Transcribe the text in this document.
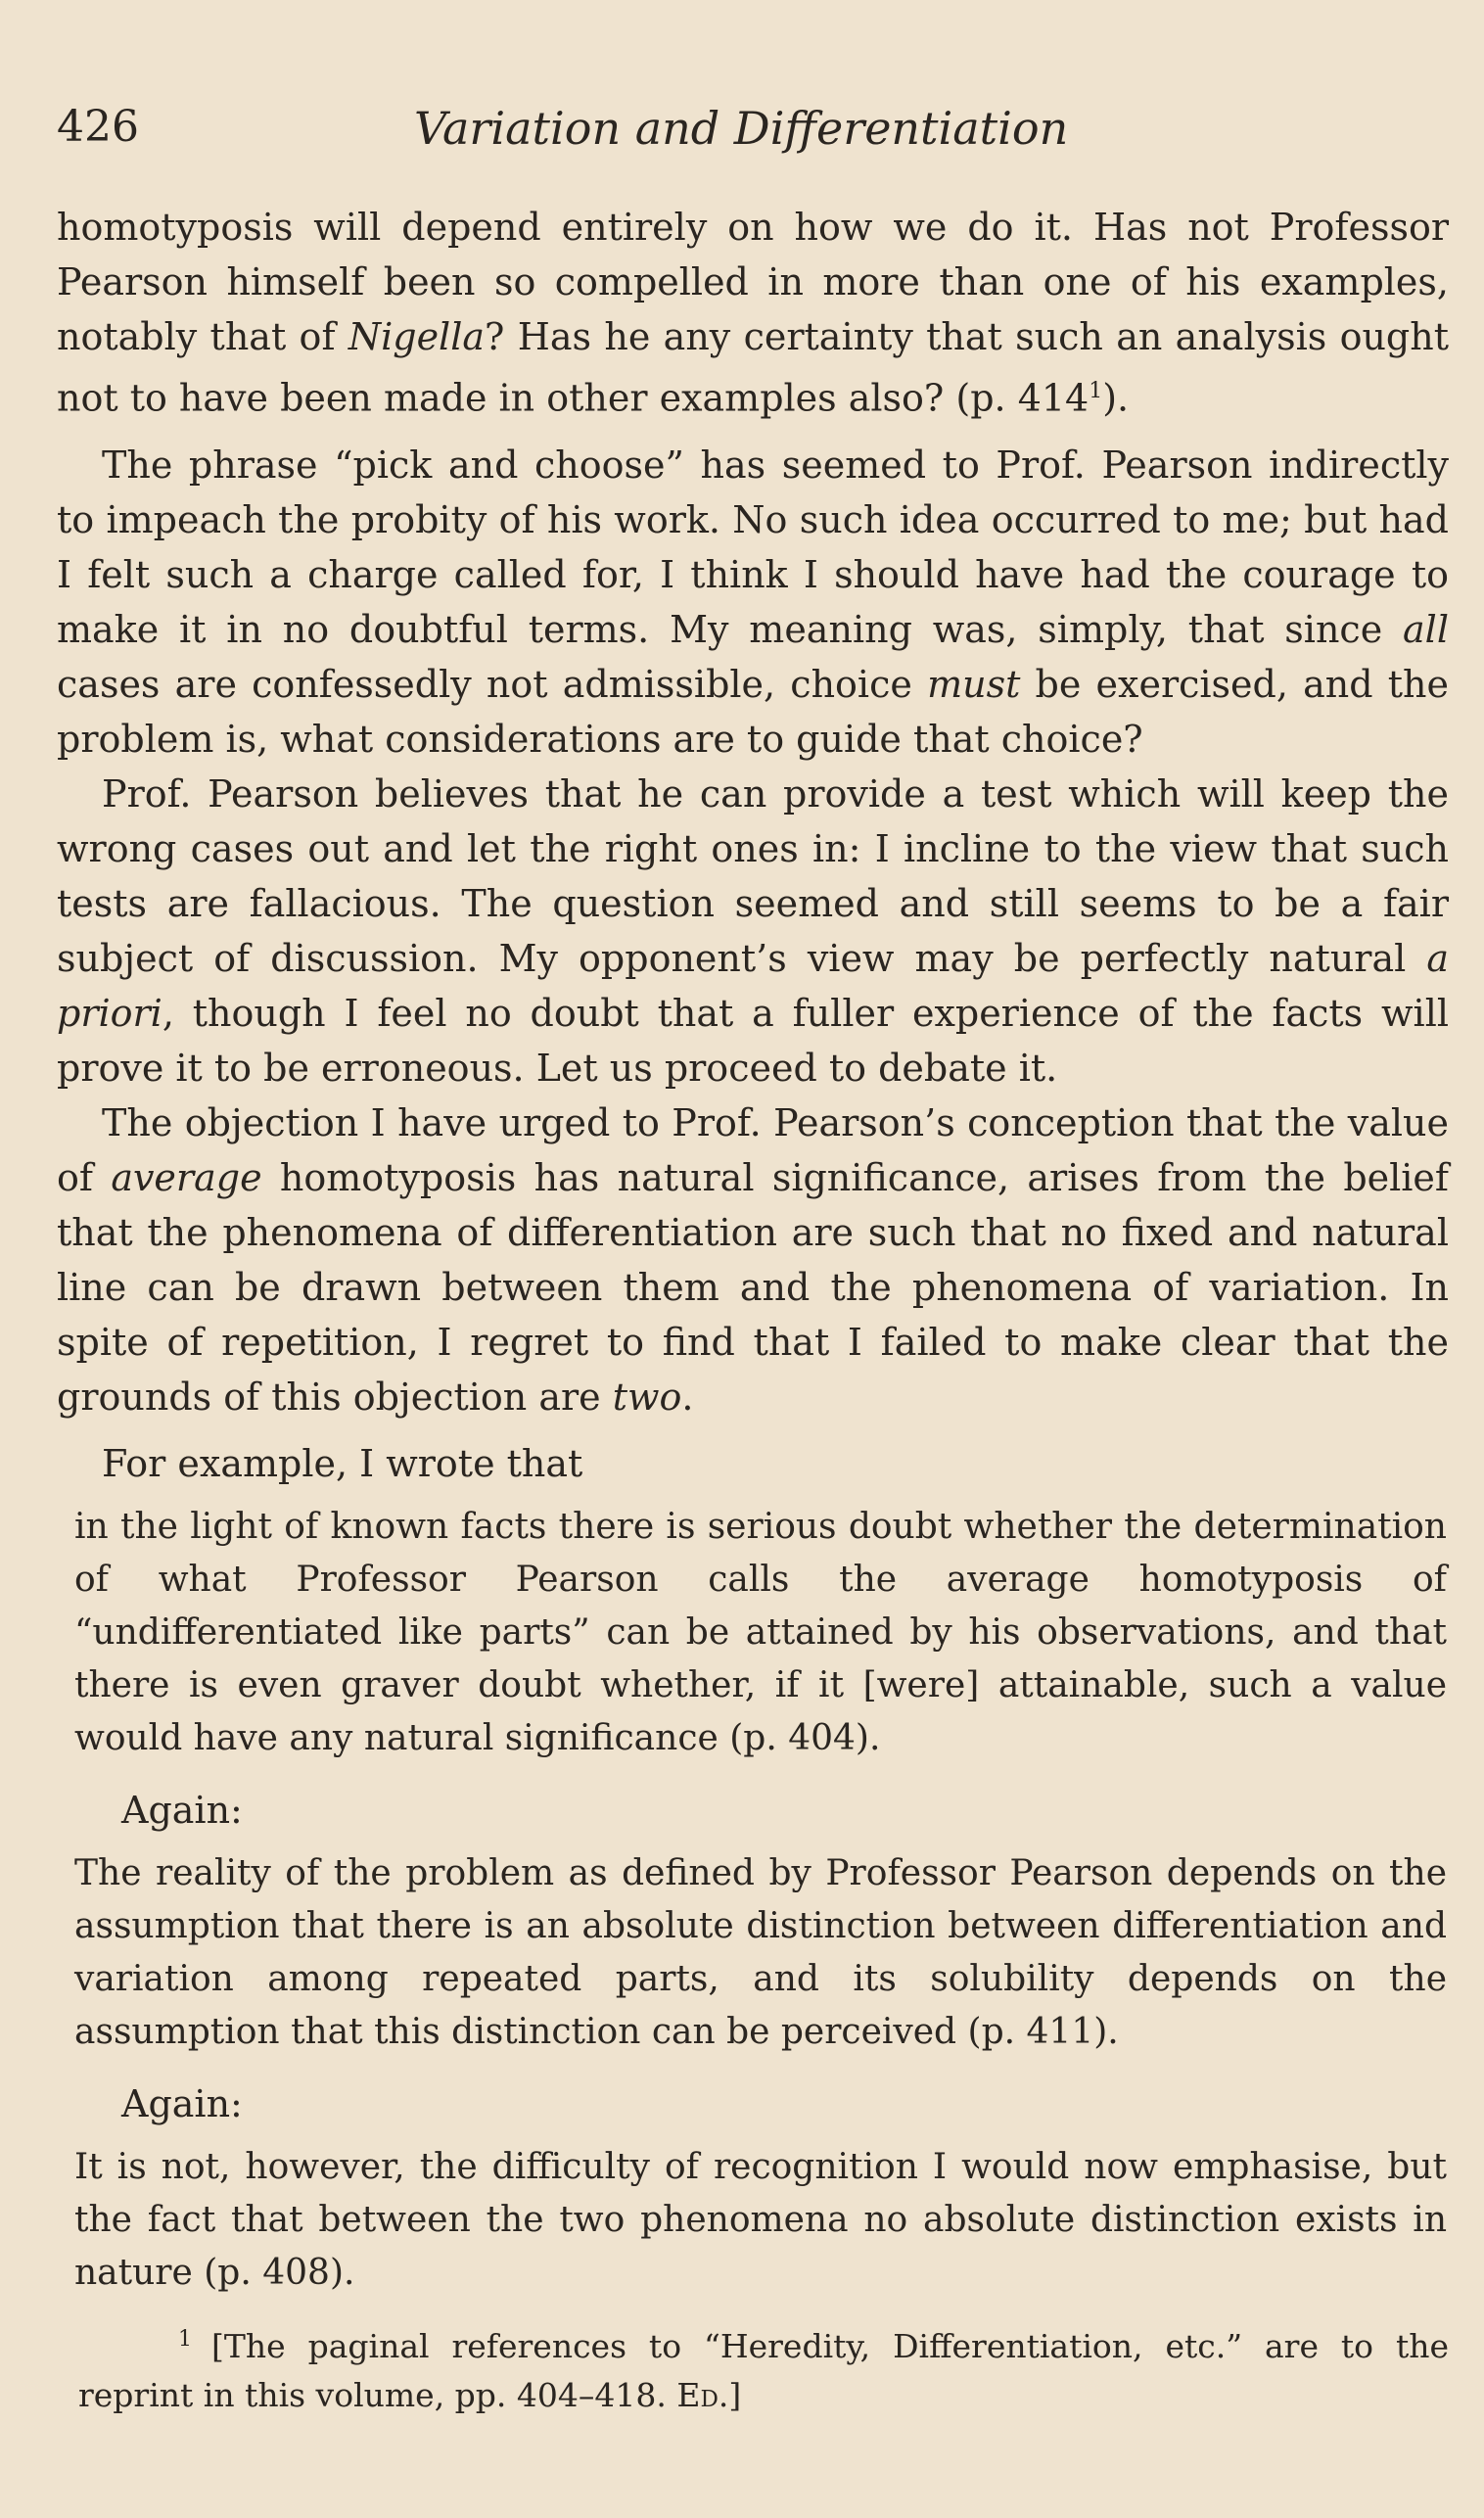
426	Variation and Differentiation

homotyposis will depend entirely on how we do it. Has not Professor Pearson himself been so compelled in more than one of his examples, notably that of Nigella? Has he any certainty that such an analysis ought not to have been made in other examples also? (p. $414^1$).

The phrase “pick and choose” has seemed to Prof. Pearson indirectly to impeach the probity of his work. No such idea occurred to me; but had I felt such a charge called for, I think I should have had the courage to make it in no doubtful terms. My meaning was, simply, that since all cases are confessedly not admissible, choice must be exercised, and the problem is, what considerations are to guide that choice?

Prof. Pearson believes that he can provide a test which will keep the wrong cases out and let the right ones in: I incline to the view that such tests are fallacious. The question seemed and still seems to be a fair subject of discussion. My opponent’s view may be perfectly natural a priori, though I feel no doubt that a fuller experience of the facts will prove it to be erroneous. Let us proceed to debate it.

The objection I have urged to Prof. Pearson’s conception that the value of average homotyposis has natural significance, arises from the belief that the phenomena of differentiation are such that no fixed and natural line can be drawn between them and the phenomena of variation. In spite of repetition, I regret to find that I failed to make clear that the grounds of this objection are two.

For example, I wrote that

in the light of known facts there is serious doubt whether the determination of what Professor Pearson calls the average homotyposis of “undifferentiated like parts” can be attained by his observations, and that there is even graver doubt whether, if it [were] attainable, such a value would have any natural significance (p. 404).

Again:

The reality of the problem as defined by Professor Pearson depends on the assumption that there is an absolute distinction between differentiation and variation among repeated parts, and its solubility depends on the assumption that this distinction can be perceived (p. 411).

Again:

It is not, however, the difficulty of recognition I would now emphasise, but the fact that between the two phenomena no absolute distinction exists in nature (p. 408).

$^1$ [The paginal references to “Heredity, Differentiation, etc.” are to the reprint in this volume, pp. 404–418. Ed.]
